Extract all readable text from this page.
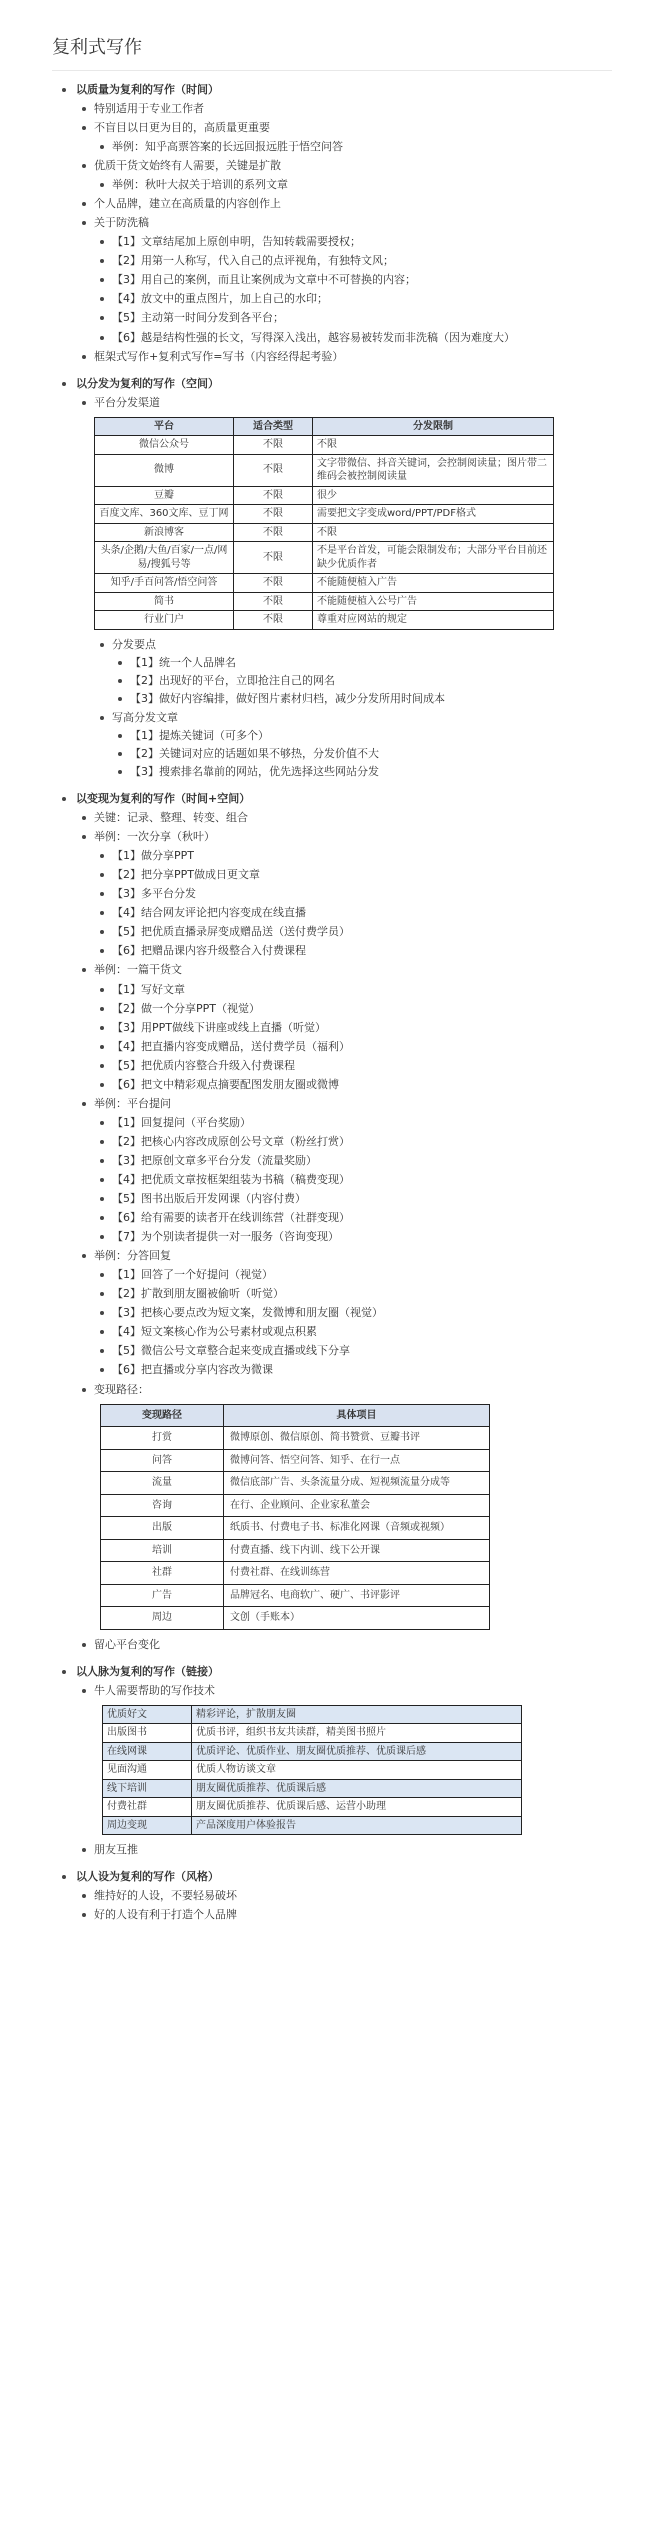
复利式写作
以质量为复利的写作（时间）
特别适用于专业工作者
不盲目以日更为目的，高质量更重要
举例：知乎高票答案的长远回报远胜于悟空问答
优质干货文始终有人需要，关键是扩散
举例：秋叶大叔关于培训的系列文章
个人品牌，建立在高质量的内容创作上
关于防洗稿
【1】文章结尾加上原创申明，告知转载需要授权；
【2】用第一人称写，代入自己的点评视角，有独特文风；
【3】用自己的案例，而且让案例成为文章中不可替换的内容；
【4】放文中的重点图片，加上自己的水印；
【5】主动第一时间分发到各平台；
【6】越是结构性强的长文，写得深入浅出，越容易被转发而非洗稿（因为难度大）
框架式写作+复利式写作=写书（内容经得起考验）
以分发为复利的写作（空间）
平台分发渠道
平台	适合类型	分发限制
微信公众号	不限	不限
微博	不限	文字带微信、抖音关键词，会控制阅读量；图片带二维码会被控制阅读量
豆瓣	不限	很少
百度文库、360文库、豆丁网	不限	需要把文字变成word/PPT/PDF格式
新浪博客	不限	不限
头条/企鹅/大鱼/百家/一点/网易/搜狐号等	不限	不是平台首发，可能会限制发布；大部分平台目前还缺少优质作者
知乎/手百问答/悟空问答	不限	不能随便植入广告
简书	不限	不能随便植入公号广告
行业门户	不限	尊重对应网站的规定
分发要点
【1】统一个人品牌名
【2】出现好的平台，立即抢注自己的网名
【3】做好内容编排，做好图片素材归档，减少分发所用时间成本
写高分发文章
【1】提炼关键词（可多个）
【2】关键词对应的话题如果不够热，分发价值不大
【3】搜索排名靠前的网站，优先选择这些网站分发
以变现为复利的写作（时间+空间）
关键：记录、整理、转变、组合
举例：一次分享（秋叶）
【1】做分享PPT
【2】把分享PPT做成日更文章
【3】多平台分发
【4】结合网友评论把内容变成在线直播
【5】把优质直播录屏变成赠品送（送付费学员）
【6】把赠品课内容升级整合入付费课程
举例：一篇干货文
【1】写好文章
【2】做一个分享PPT（视觉）
【3】用PPT做线下讲座或线上直播（听觉）
【4】把直播内容变成赠品，送付费学员（福利）
【5】把优质内容整合升级入付费课程
【6】把文中精彩观点摘要配图发朋友圈或微博
举例：平台提问
【1】回复提问（平台奖励）
【2】把核心内容改成原创公号文章（粉丝打赏）
【3】把原创文章多平台分发（流量奖励）
【4】把优质文章按框架组装为书稿（稿费变现）
【5】图书出版后开发网课（内容付费）
【6】给有需要的读者开在线训练营（社群变现）
【7】为个别读者提供一对一服务（咨询变现）
举例：分答回复
【1】回答了一个好提问（视觉）
【2】扩散到朋友圈被偷听（听觉）
【3】把核心要点改为短文案，发微博和朋友圈（视觉）
【4】短文案核心作为公号素材或观点积累
【5】微信公号文章整合起来变成直播或线下分享
【6】把直播或分享内容改为微课
变现路径：
变现路径	具体项目
打赏	微博原创、微信原创、简书赞赏、豆瓣书评
问答	微博问答、悟空问答、知乎、在行一点
流量	微信底部广告、头条流量分成、短视频流量分成等
咨询	在行、企业顾问、企业家私董会
出版	纸质书、付费电子书、标准化网课（音频或视频）
培训	付费直播、线下内训、线下公开课
社群	付费社群、在线训练营
广告	品牌冠名、电商软广、硬广、书评影评
周边	文创（手账本）
留心平台变化
以人脉为复利的写作（链接）
牛人需要帮助的写作技术
优质好文	精彩评论，扩散朋友圈
出版图书	优质书评，组织书友共读群，精美图书照片
在线网课	优质评论、优质作业、朋友圈优质推荐、优质课后感
见面沟通	优质人物访谈文章
线下培训	朋友圈优质推荐、优质课后感
付费社群	朋友圈优质推荐、优质课后感、运营小助理
周边变现	产品深度用户体验报告
朋友互推
以人设为复利的写作（风格）
维持好的人设，不要轻易破坏
好的人设有利于打造个人品牌
